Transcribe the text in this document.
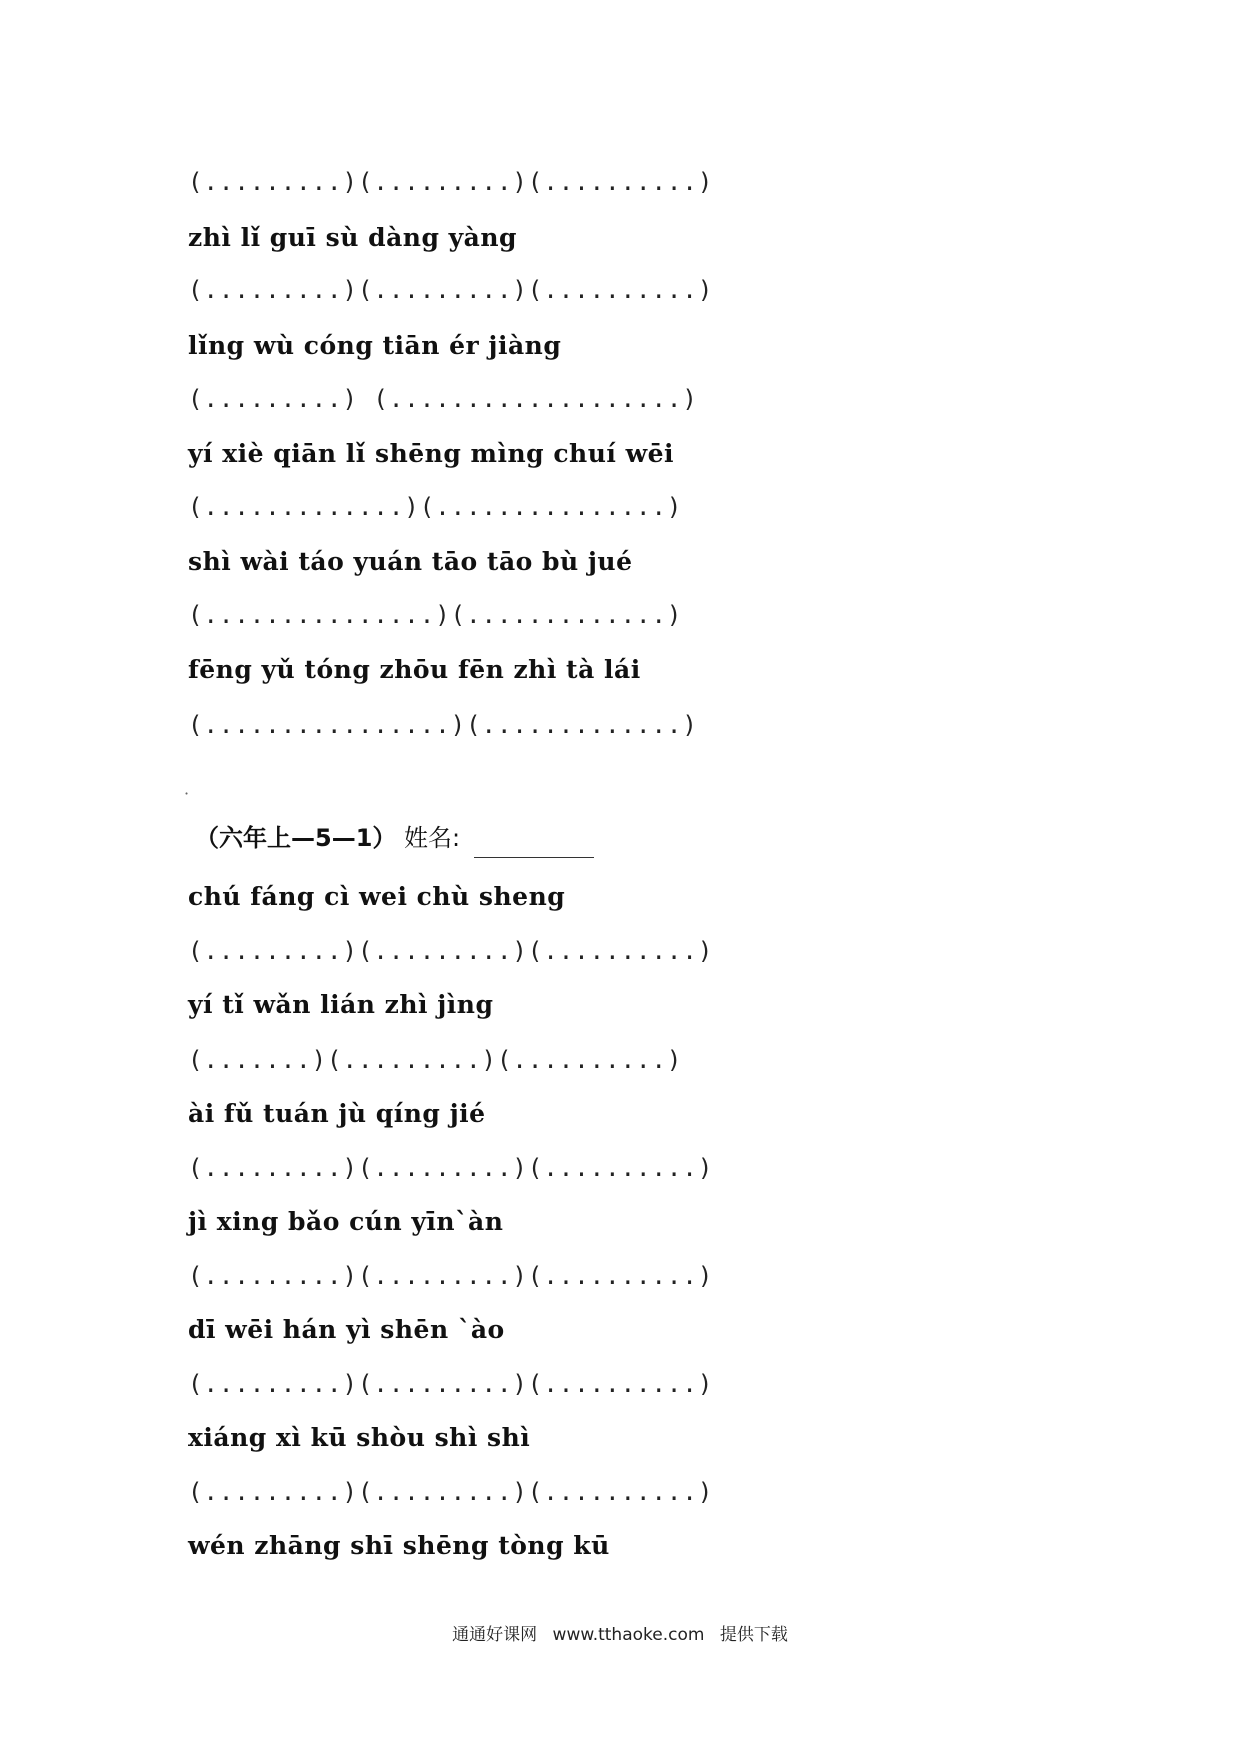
(.........)(.........)(..........)
zhì lǐ guī sù dàng yàng
(.........)(.........)(..........)
lǐng wù cóng tiān ér jiàng
(.........) (...................)
yí xiè qiān lǐ shēng mìng chuí wēi
(.............)(...............)
shì wài táo yuán tāo tāo bù jué
(...............)(.............)
fēng yǔ tóng zhōu fēn zhì tà lái
(................)(.............)
·
（六年上—5—1） 姓名:
chú fáng cì wei chù sheng
(.........)(.........)(..........)
yí tǐ wǎn lián zhì jìng
(.......)(.........)(..........)
ài fǔ tuán jù qíng jié
(.........)(.........)(..........)
jì xing bǎo cún yīn`àn
(.........)(.........)(..........)
dī wēi hán yì shēn `ào
(.........)(.........)(..........)
xiáng xì kū shòu shì shì
(.........)(.........)(..........)
wén zhāng shī shēng tòng kū
通通好课网 www.tthaoke.com 提供下载
